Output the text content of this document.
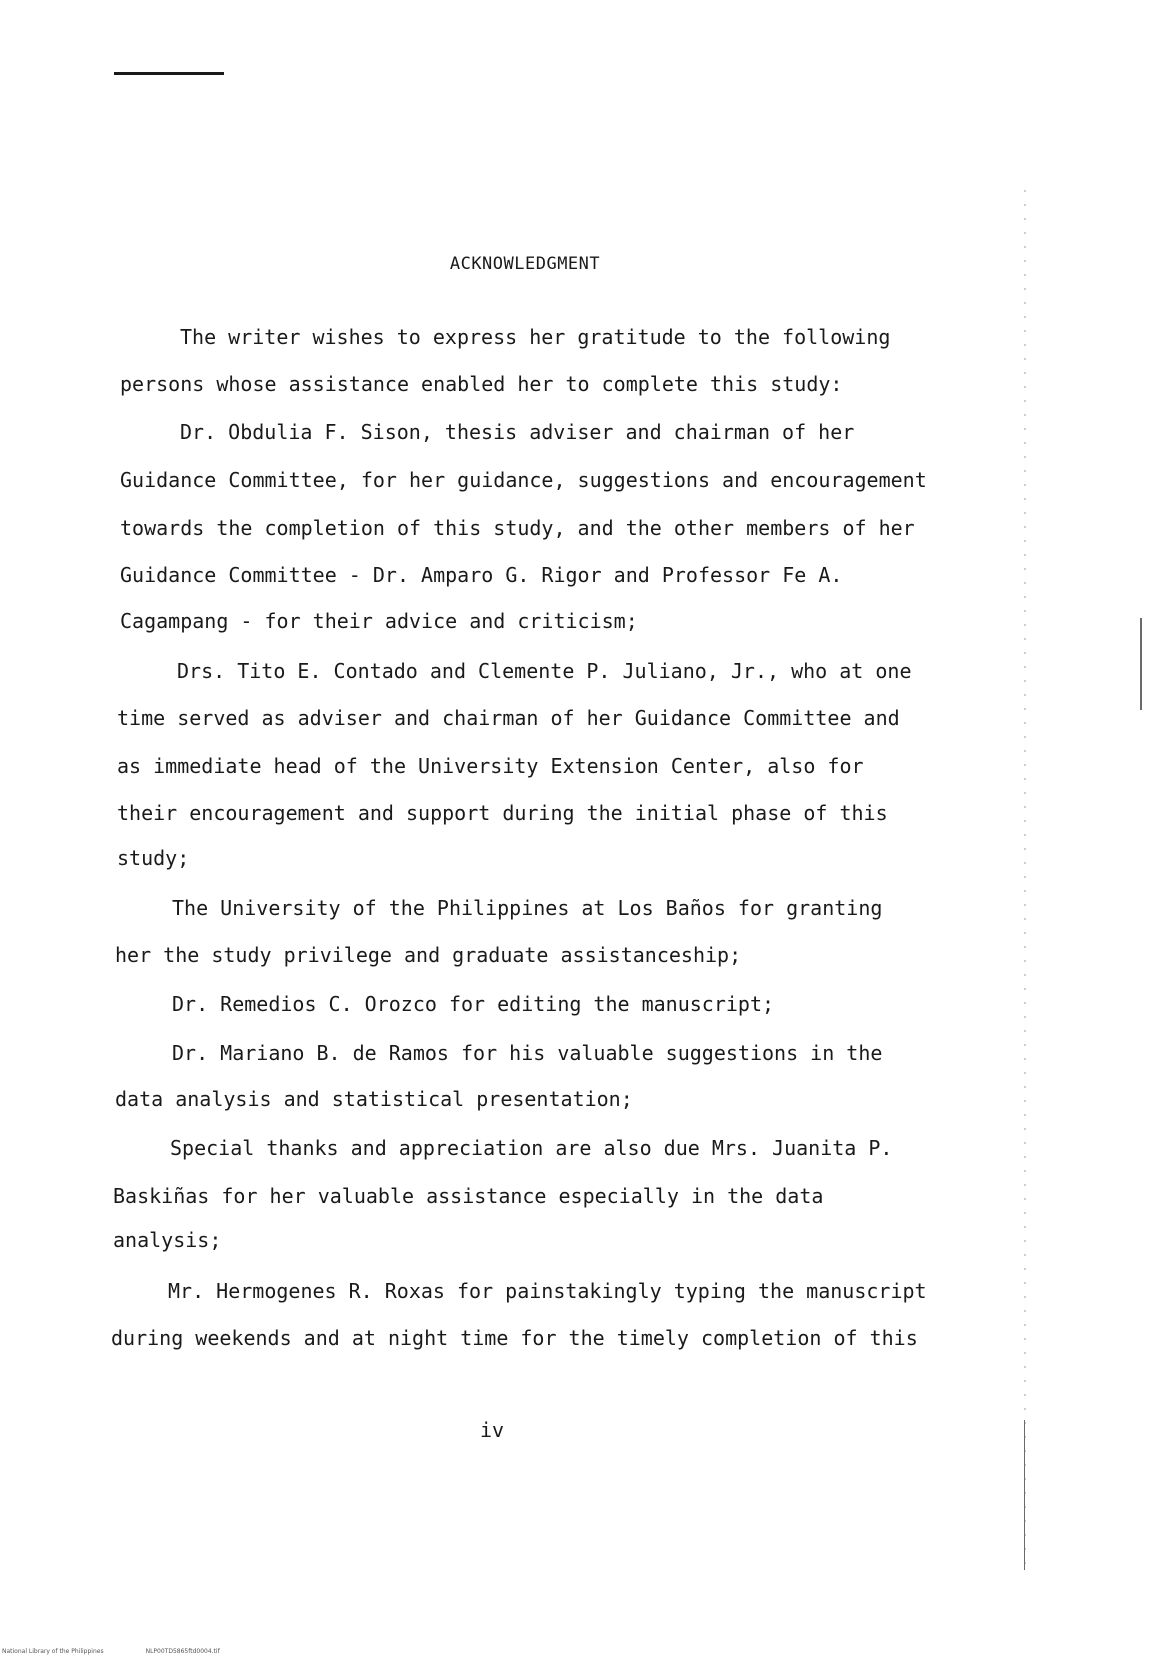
ACKNOWLEDGMENT
The writer wishes to express her gratitude to the following
persons whose assistance enabled her to complete this study:
Dr. Obdulia F. Sison, thesis adviser and chairman of her
Guidance Committee, for her guidance, suggestions and encouragement
towards the completion of this study, and the other members of her
Guidance Committee - Dr. Amparo G. Rigor and Professor Fe A.
Cagampang - for their advice and criticism;
Drs. Tito E. Contado and Clemente P. Juliano, Jr., who at one
time served as adviser and chairman of her Guidance Committee and
as immediate head of the University Extension Center, also for
their encouragement and support during the initial phase of this
study;
The University of the Philippines at Los Baños for granting
her the study privilege and graduate assistanceship;
Dr. Remedios C. Orozco for editing the manuscript;
Dr. Mariano B. de Ramos for his valuable suggestions in the
data analysis and statistical presentation;
Special thanks and appreciation are also due Mrs. Juanita P.
Baskiñas for her valuable assistance especially in the data
analysis;
Mr. Hermogenes R. Roxas for painstakingly typing the manuscript
during weekends and at night time for the timely completion of this
iv
National Library of the Philippines	NLP00TD5865ftd0004.tif
